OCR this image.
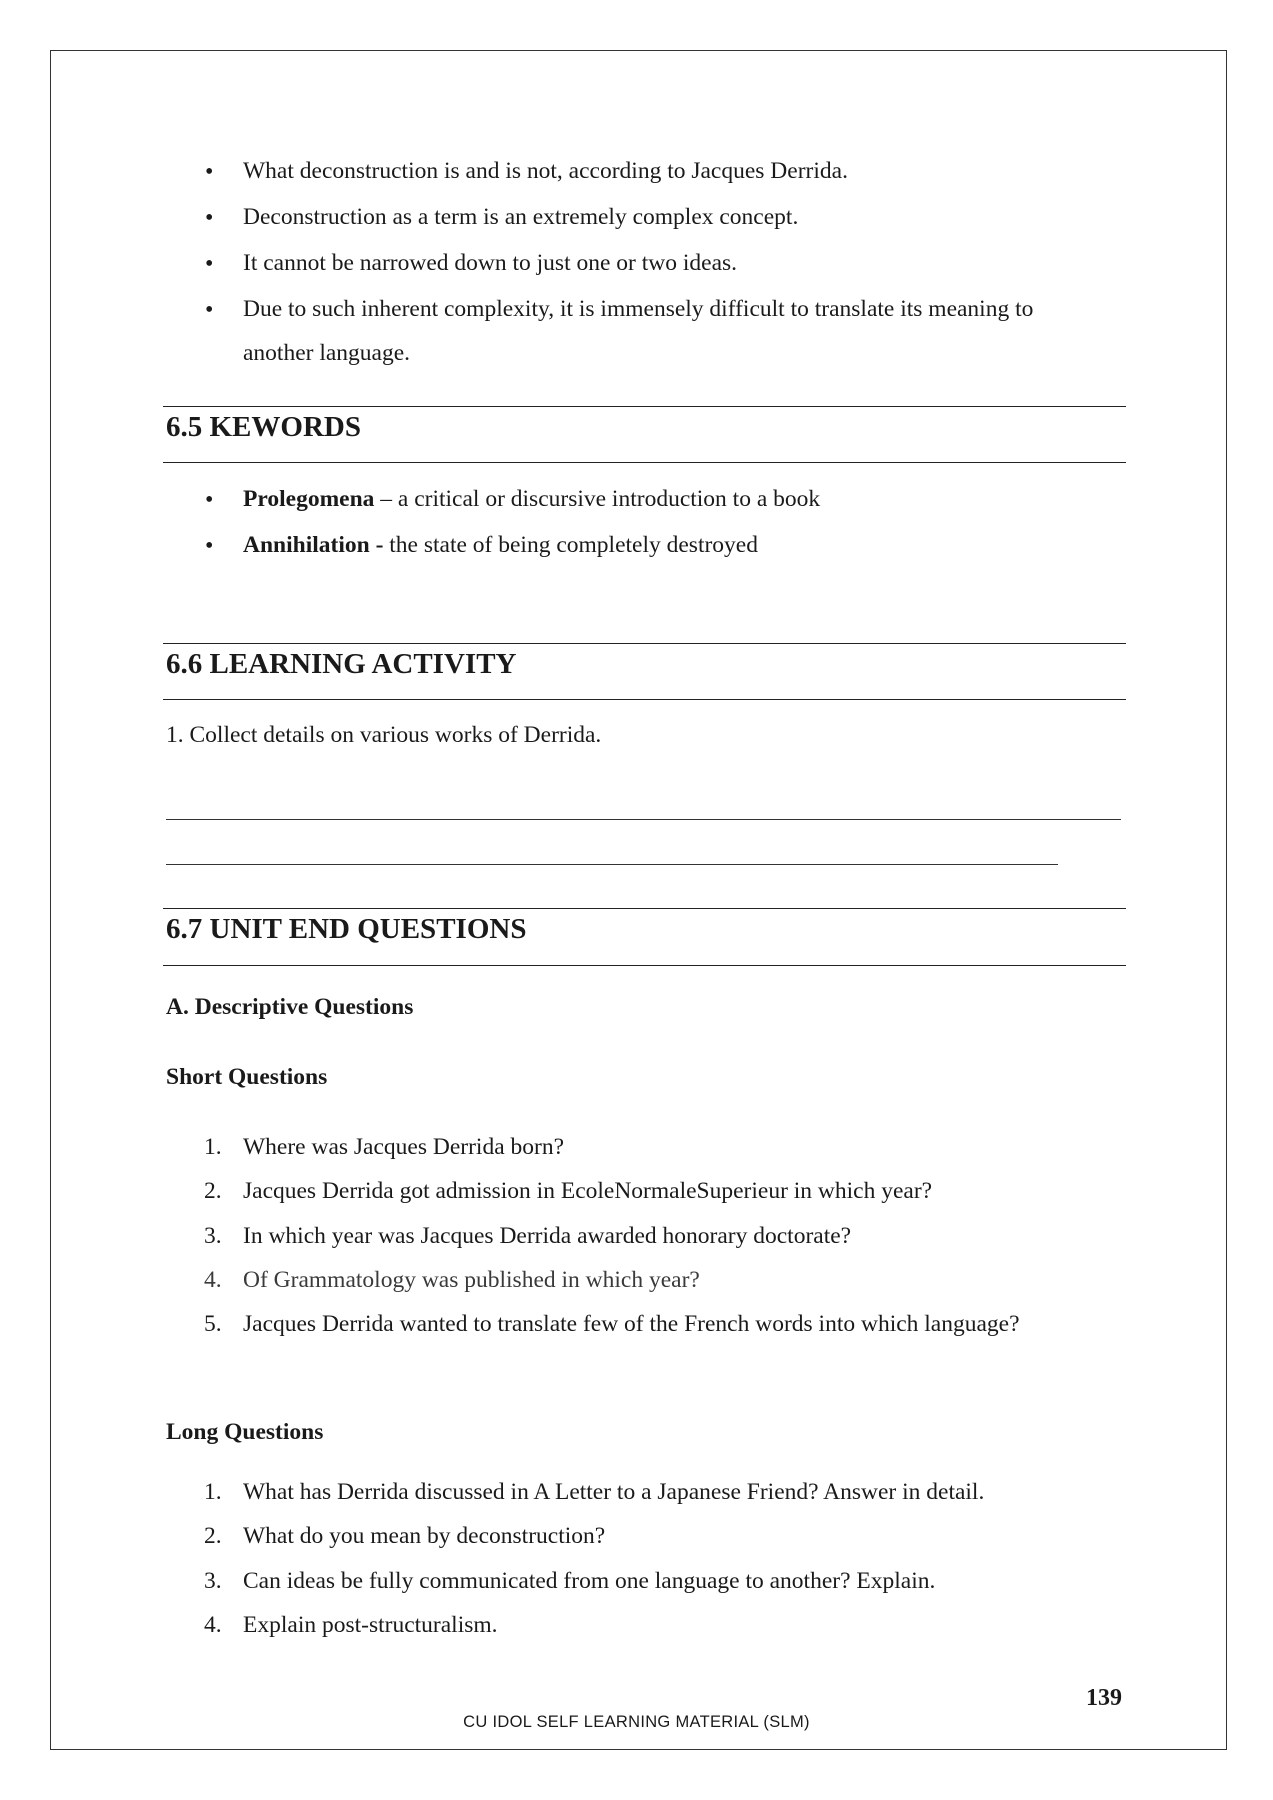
• What deconstruction is and is not, according to Jacques Derrida.
• Deconstruction as a term is an extremely complex concept.
• It cannot be narrowed down to just one or two ideas.
• Due to such inherent complexity, it is immensely difficult to translate its meaning to
another language.
6.5 KEWORDS
• Prolegomena – a critical or discursive introduction to a book
• Annihilation - the state of being completely destroyed
6.6 LEARNING ACTIVITY
1. Collect details on various works of Derrida.
6.7 UNIT END QUESTIONS
A. Descriptive Questions
Short Questions
1. Where was Jacques Derrida born?
2. Jacques Derrida got admission in EcoleNormaleSuperieur in which year?
3. In which year was Jacques Derrida awarded honorary doctorate?
4. Of Grammatology was published in which year?
5. Jacques Derrida wanted to translate few of the French words into which language?
Long Questions
1. What has Derrida discussed in A Letter to a Japanese Friend? Answer in detail.
2. What do you mean by deconstruction?
3. Can ideas be fully communicated from one language to another? Explain.
4. Explain post-structuralism.
139
CU IDOL SELF LEARNING MATERIAL (SLM)
